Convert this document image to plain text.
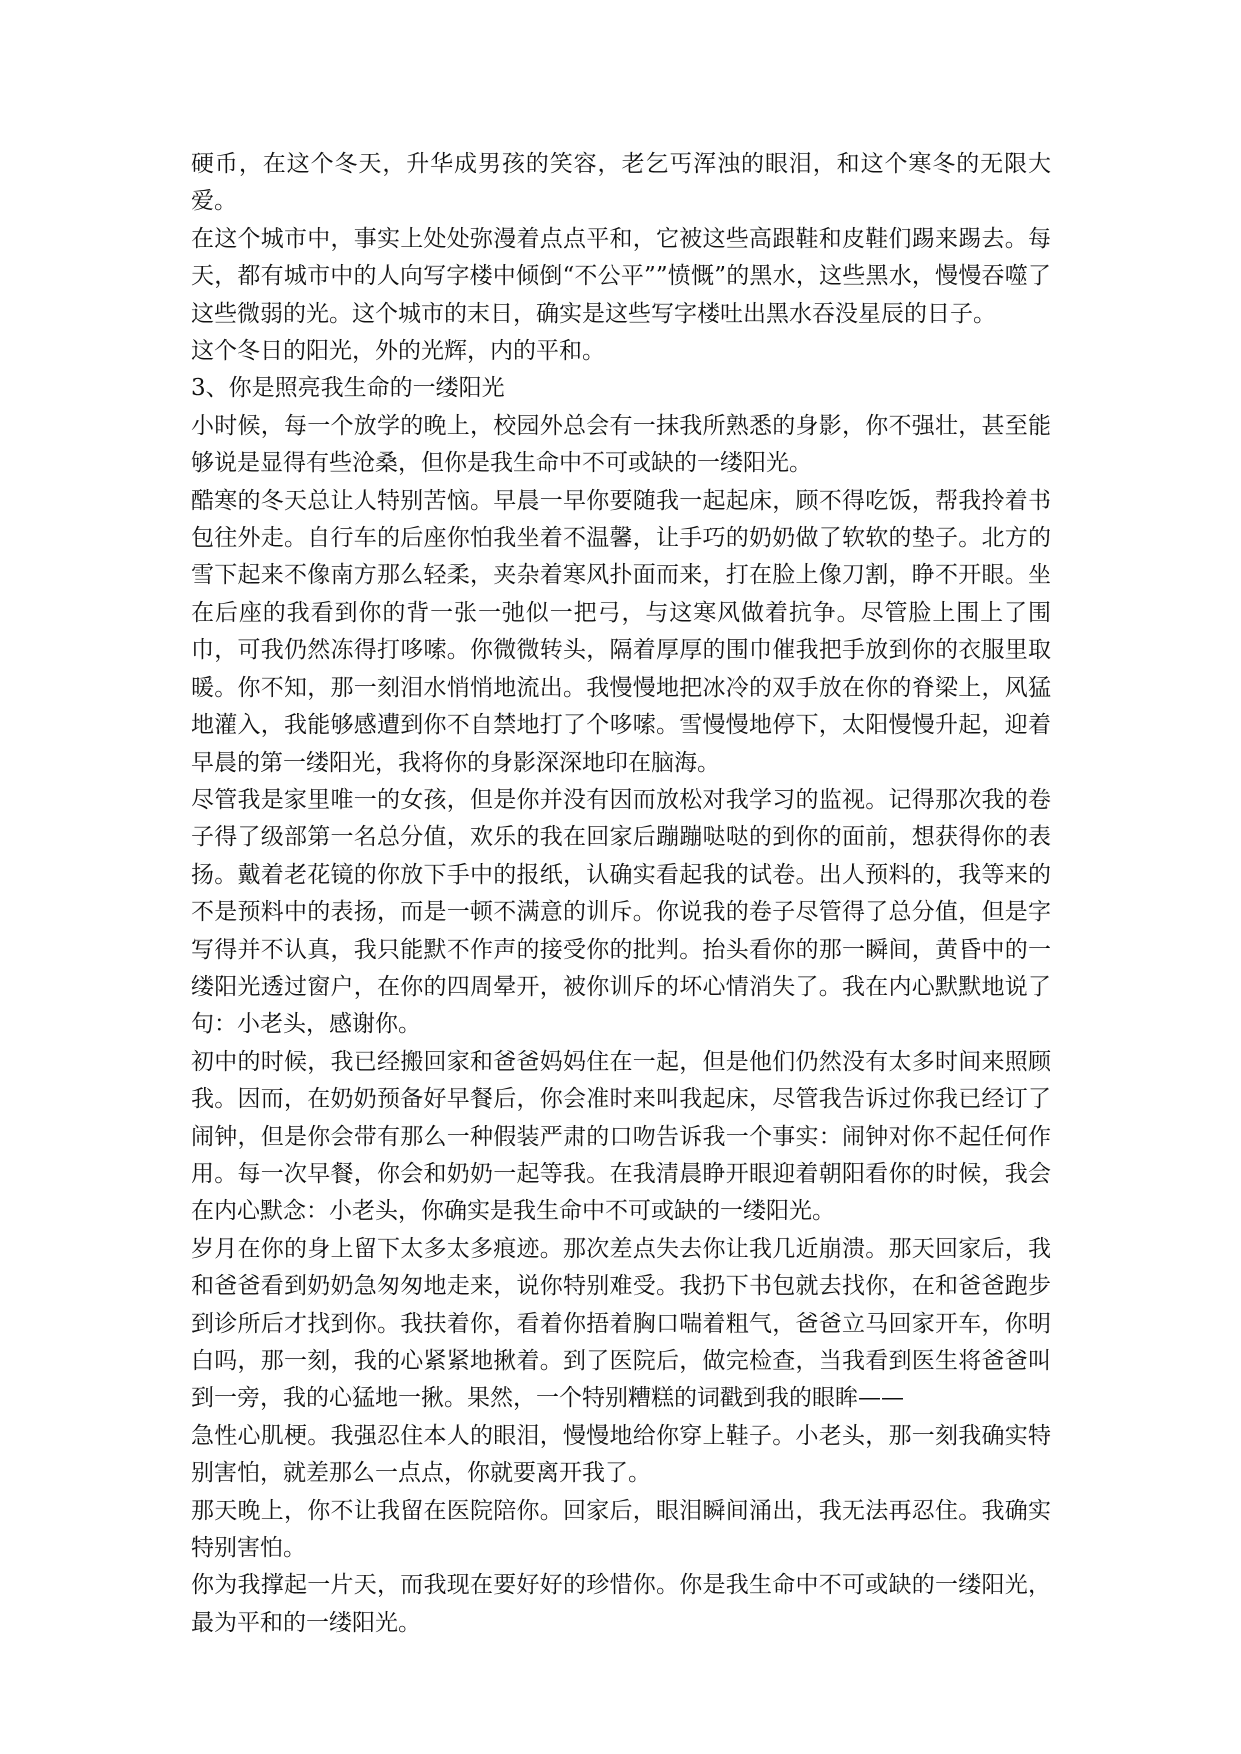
硬币，在这个冬天，升华成男孩的笑容，老乞丐浑浊的眼泪，和这个寒冬的无限大爱。

在这个城市中，事实上处处弥漫着点点平和，它被这些高跟鞋和皮鞋们踢来踢去。每天，都有城市中的人向写字楼中倾倒“不公平””愤慨”的黑水，这些黑水，慢慢吞噬了这些微弱的光。这个城市的末日，确实是这些写字楼吐出黑水吞没星辰的日子。

这个冬日的阳光，外的光辉，内的平和。

3、你是照亮我生命的一缕阳光

小时候，每一个放学的晚上，校园外总会有一抹我所熟悉的身影，你不强壮，甚至能够说是显得有些沧桑，但你是我生命中不可或缺的一缕阳光。

酷寒的冬天总让人特别苦恼。早晨一早你要随我一起起床，顾不得吃饭，帮我拎着书包往外走。自行车的后座你怕我坐着不温馨，让手巧的奶奶做了软软的垫子。北方的雪下起来不像南方那么轻柔，夹杂着寒风扑面而来，打在脸上像刀割，睁不开眼。坐在后座的我看到你的背一张一弛似一把弓，与这寒风做着抗争。尽管脸上围上了围巾，可我仍然冻得打哆嗦。你微微转头，隔着厚厚的围巾催我把手放到你的衣服里取暖。你不知，那一刻泪水悄悄地流出。我慢慢地把冰冷的双手放在你的脊梁上，风猛地灌入，我能够感遭到你不自禁地打了个哆嗦。雪慢慢地停下，太阳慢慢升起，迎着早晨的第一缕阳光，我将你的身影深深地印在脑海。

尽管我是家里唯一的女孩，但是你并没有因而放松对我学习的监视。记得那次我的卷子得了级部第一名总分值，欢乐的我在回家后蹦蹦哒哒的到你的面前，想获得你的表扬。戴着老花镜的你放下手中的报纸，认确实看起我的试卷。出人预料的，我等来的不是预料中的表扬，而是一顿不满意的训斥。你说我的卷子尽管得了总分值，但是字写得并不认真，我只能默不作声的接受你的批判。抬头看你的那一瞬间，黄昏中的一缕阳光透过窗户，在你的四周晕开，被你训斥的坏心情消失了。我在内心默默地说了句：小老头，感谢你。

初中的时候，我已经搬回家和爸爸妈妈住在一起，但是他们仍然没有太多时间来照顾我。因而，在奶奶预备好早餐后，你会准时来叫我起床，尽管我告诉过你我已经订了闹钟，但是你会带有那么一种假装严肃的口吻告诉我一个事实：闹钟对你不起任何作用。每一次早餐，你会和奶奶一起等我。在我清晨睁开眼迎着朝阳看你的时候，我会在内心默念：小老头，你确实是我生命中不可或缺的一缕阳光。

岁月在你的身上留下太多太多痕迹。那次差点失去你让我几近崩溃。那天回家后，我和爸爸看到奶奶急匆匆地走来，说你特别难受。我扔下书包就去找你，在和爸爸跑步到诊所后才找到你。我扶着你，看着你捂着胸口喘着粗气，爸爸立马回家开车，你明白吗，那一刻，我的心紧紧地揪着。到了医院后，做完检查，当我看到医生将爸爸叫到一旁，我的心猛地一揪。果然，一个特别糟糕的词戳到我的眼眸——

急性心肌梗。我强忍住本人的眼泪，慢慢地给你穿上鞋子。小老头，那一刻我确实特别害怕，就差那么一点点，你就要离开我了。

那天晚上，你不让我留在医院陪你。回家后，眼泪瞬间涌出，我无法再忍住。我确实特别害怕。

你为我撑起一片天，而我现在要好好的珍惜你。你是我生命中不可或缺的一缕阳光，最为平和的一缕阳光。
